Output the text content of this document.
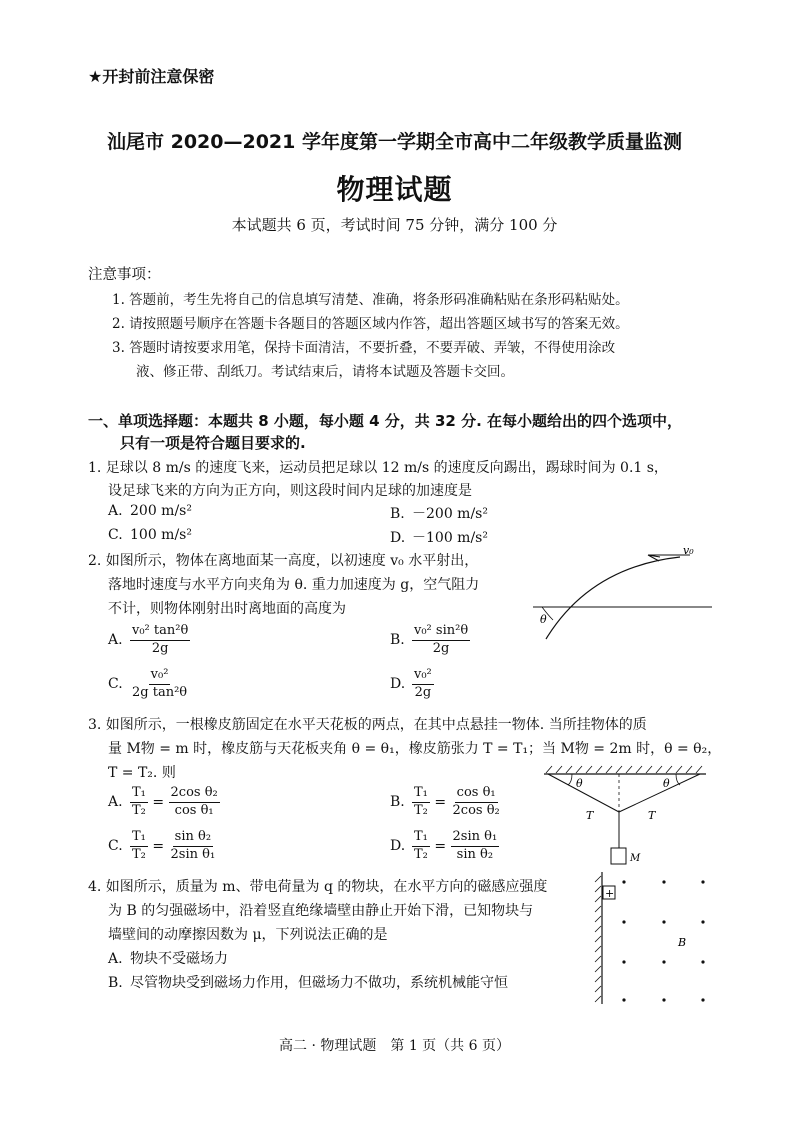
★开封前注意保密
汕尾市 2020—2021 学年度第一学期全市高中二年级教学质量监测
物理试题
本试题共 6 页，考试时间 75 分钟，满分 100 分
注意事项：
1. 答题前，考生先将自己的信息填写清楚、准确，将条形码准确粘贴在条形码粘贴处。
2. 请按照题号顺序在答题卡各题目的答题区域内作答，超出答题区域书写的答案无效。
3. 答题时请按要求用笔，保持卡面清洁，不要折叠，不要弄破、弄皱，不得使用涂改
液、修正带、刮纸刀。考试结束后，请将本试题及答题卡交回。
一、单项选择题：本题共 8 小题，每小题 4 分，共 32 分. 在每小题给出的四个选项中，
只有一项是符合题目要求的.
1. 足球以 8 m/s 的速度飞来，运动员把足球以 12 m/s 的速度反向踢出，踢球时间为 0.1 s，
设足球飞来的方向为正方向，则这段时间内足球的加速度是
A. 200 m/s²	B. －200 m/s²
C. 100 m/s²	D. －100 m/s²
2. 如图所示，物体在离地面某一高度，以初速度 v₀ 水平射出，
落地时速度与水平方向夹角为 θ. 重力加速度为 g，空气阻力
不计，则物体刚射出时离地面的高度为
A. $\frac{\text{v₀² tan²θ}}{2g}$	B. $\frac{\text{v₀² sin²θ}}{2g}$
C. $\frac{\text{v₀²}}{\text{2g tan²θ}}$	D. $\frac{\text{v₀²}}{2g}$
v₀
θ
3. 如图所示，一根橡皮筋固定在水平天花板的两点，在其中点悬挂一物体. 当所挂物体的质
量 M物 = m 时，橡皮筋与天花板夹角 θ = θ₁，橡皮筋张力 T = T₁；当 M物 = 2m 时，θ = θ₂，
T = T₂. 则
A. $\frac{\text{T₁}}{\text{T₂}} = \frac{\text{2cos θ₂}}{\text{cos θ₁}}$	B. $\frac{\text{T₁}}{\text{T₂}} = \frac{\text{cos θ₁}}{\text{2cos θ₂}}$
C. $\frac{\text{T₁}}{\text{T₂}} = \frac{\text{sin θ₂}}{\text{2sin θ₁}}$	D. $\frac{\text{T₁}}{\text{T₂}} = \frac{\text{2sin θ₁}}{\text{sin θ₂}}$
θ	θ
T	T
M
4. 如图所示，质量为 m、带电荷量为 q 的物块，在水平方向的磁感应强度
为 B 的匀强磁场中，沿着竖直绝缘墙壁由静止开始下滑，已知物块与
墙壁间的动摩擦因数为 μ，下列说法正确的是
A. 物块不受磁场力
B. 尽管物块受到磁场力作用，但磁场力不做功，系统机械能守恒
+
B
高二 · 物理试题　第 1 页（共 6 页）
